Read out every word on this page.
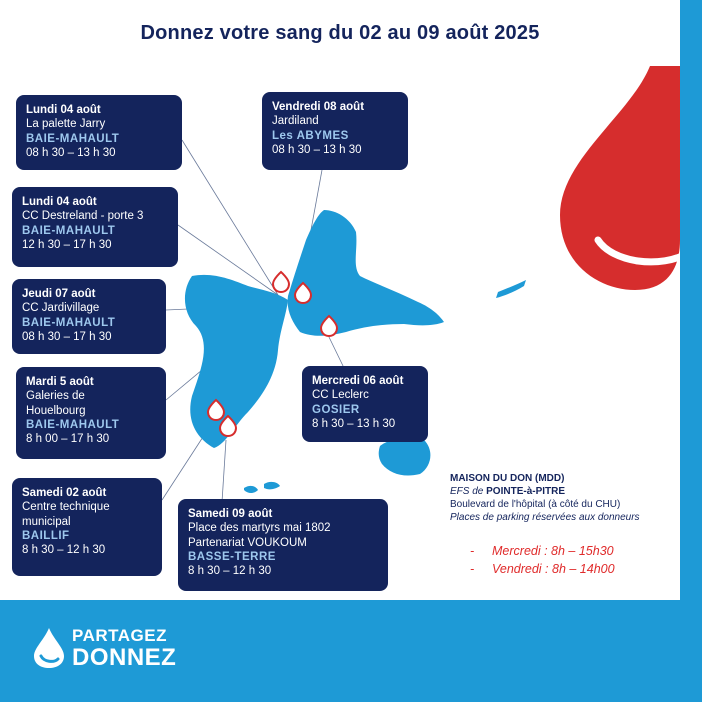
Donnez votre sang du 02 au 09 août 2025
Lundi 04 août
La palette Jarry
BAIE-MAHAULT
08 h 30 – 13 h 30
Lundi 04 août
CC Destreland - porte 3
BAIE-MAHAULT
12 h 30 – 17 h 30
Jeudi 07 août
CC Jardivillage
BAIE-MAHAULT
08 h 30 – 17 h 30
Mardi 5 août
Galeries de
Houelbourg
BAIE-MAHAULT
8 h 00 – 17 h 30
Samedi 02 août
Centre technique
municipal
BAILLIF
8 h 30 – 12 h 30
Vendredi 08 août
Jardiland
Les ABYMES
08 h 30 – 13 h 30
Mercredi 06 août
CC Leclerc
GOSIER
8 h 30 – 13 h 30
Samedi 09 août
Place des martyrs mai 1802
Partenariat VOUKOUM
BASSE-TERRE
8 h 30 – 12 h 30
MAISON DU DON (MDD)
EFS de POINTE-à-PITRE
Boulevard de l'hôpital (à côté du CHU)
Places de parking réservées aux donneurs
- Mercredi : 8h – 15h30
- Vendredi : 8h – 14h00
PARTAGEZ
DONNEZ
